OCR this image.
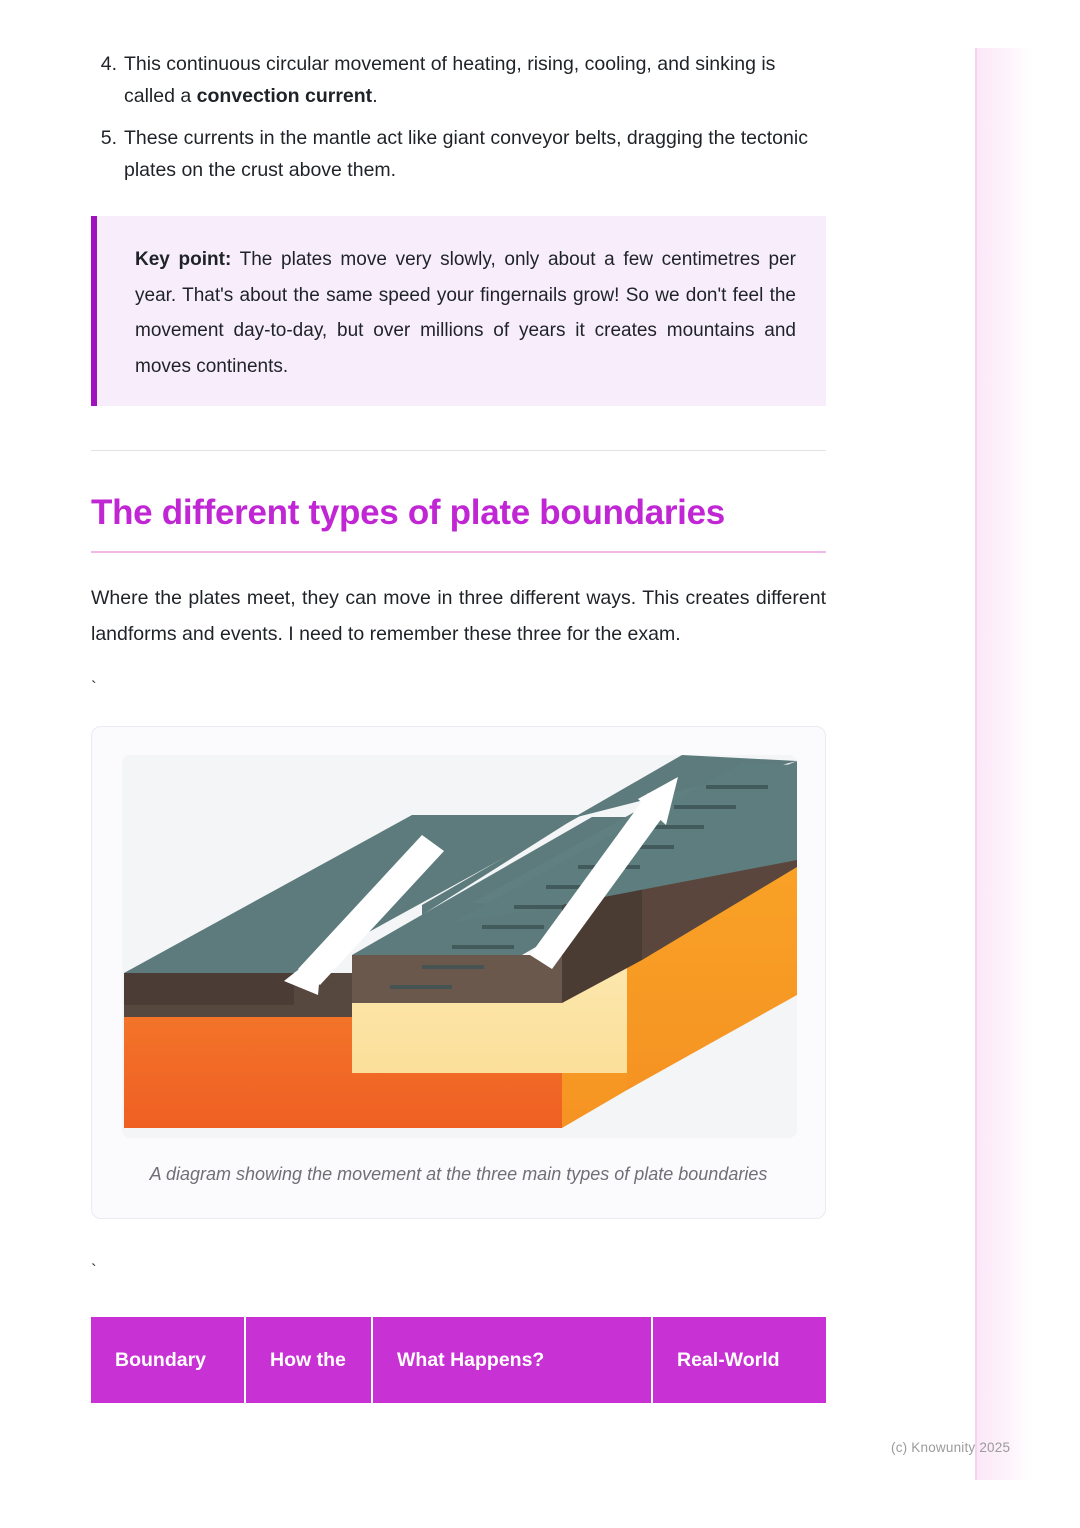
4. This continuous circular movement of heating, rising, cooling, and sinking is called a convection current.
5. These currents in the mantle act like giant conveyor belts, dragging the tectonic plates on the crust above them.

Key point: The plates move very slowly, only about a few centimetres per year. That's about the same speed your fingernails grow! So we don't feel the movement day-to-day, but over millions of years it creates mountains and moves continents.

The different types of plate boundaries

Where the plates meet, they can move in three different ways. This creates different landforms and events. I need to remember these three for the exam.

`
A diagram showing the movement at the three main types of plate boundaries
`
Boundary	How the	What Happens?	Real-World
(c) Knowunity 2025
